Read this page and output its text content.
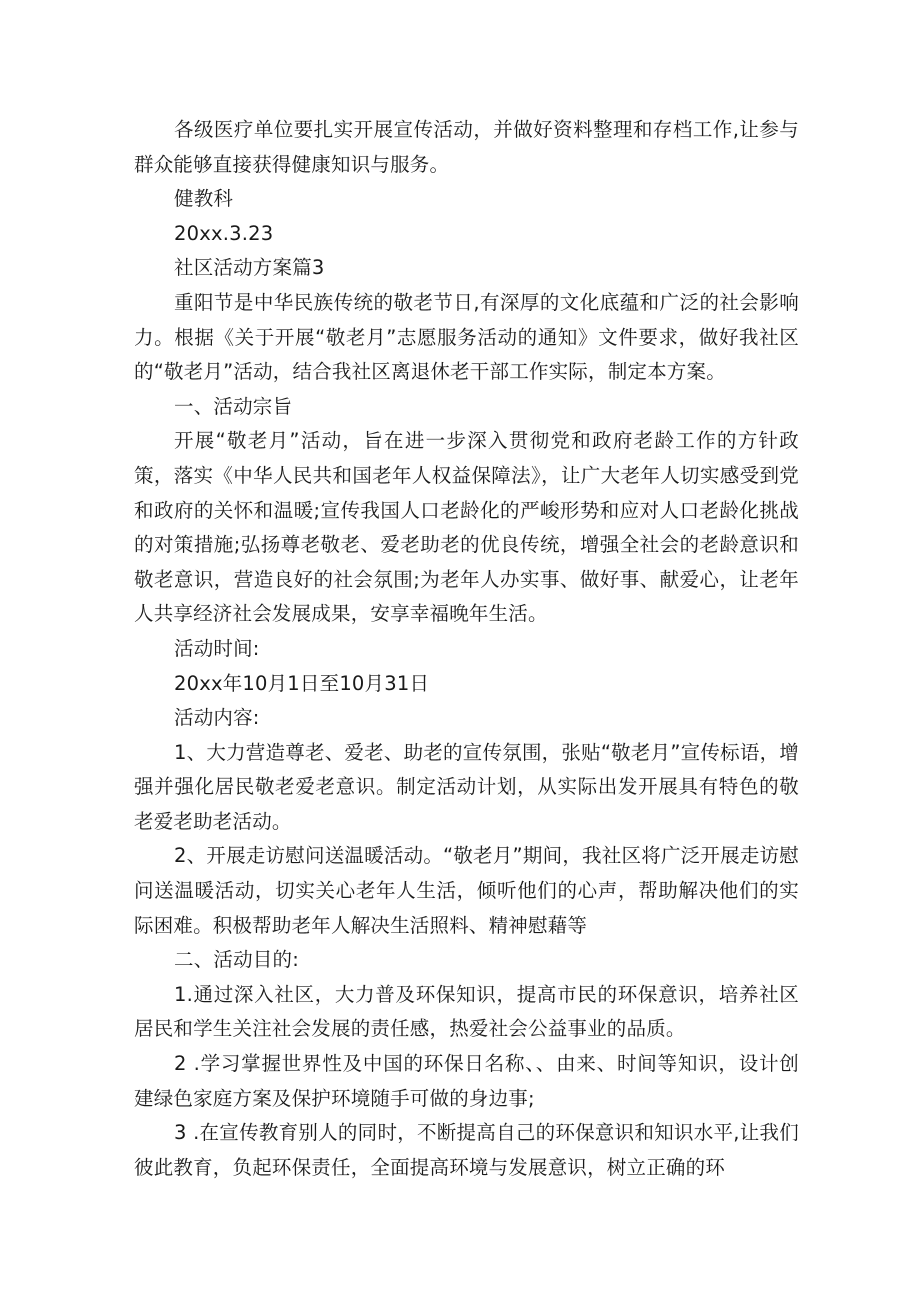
各级医疗单位要扎实开展宣传活动，并做好资料整理和存档工作,让参与群众能够直接获得健康知识与服务。

健教科

20xx.3.23

社区活动方案篇3

重阳节是中华民族传统的敬老节日,有深厚的文化底蕴和广泛的社会影响力。根据《关于开展“敬老月”志愿服务活动的通知》文件要求，做好我社区的“敬老月”活动，结合我社区离退休老干部工作实际，制定本方案。

一、活动宗旨

开展“敬老月”活动，旨在进一步深入贯彻党和政府老龄工作的方针政策，落实《中华人民共和国老年人权益保障法》，让广大老年人切实感受到党和政府的关怀和温暖;宣传我国人口老龄化的严峻形势和应对人口老龄化挑战的对策措施;弘扬尊老敬老、爱老助老的优良传统，增强全社会的老龄意识和敬老意识，营造良好的社会氛围;为老年人办实事、做好事、献爱心，让老年人共享经济社会发展成果，安享幸福晚年生活。

活动时间:

20xx年10月1日至10月31日

活动内容:

1、大力营造尊老、爱老、助老的宣传氛围，张贴“敬老月”宣传标语，增强并强化居民敬老爱老意识。制定活动计划，从实际出发开展具有特色的敬老爱老助老活动。

2、开展走访慰问送温暖活动。“敬老月”期间，我社区将广泛开展走访慰问送温暖活动，切实关心老年人生活，倾听他们的心声，帮助解决他们的实际困难。积极帮助老年人解决生活照料、精神慰藉等

二、活动目的:

1.通过深入社区，大力普及环保知识，提高市民的环保意识，培养社区居民和学生关注社会发展的责任感，热爱社会公益事业的品质。

2 .学习掌握世界性及中国的环保日名称、、由来、时间等知识，设计创建绿色家庭方案及保护环境随手可做的身边事;

3 .在宣传教育别人的同时，不断提高自己的环保意识和知识水平,让我们彼此教育，负起环保责任，全面提高环境与发展意识，树立正确的环
